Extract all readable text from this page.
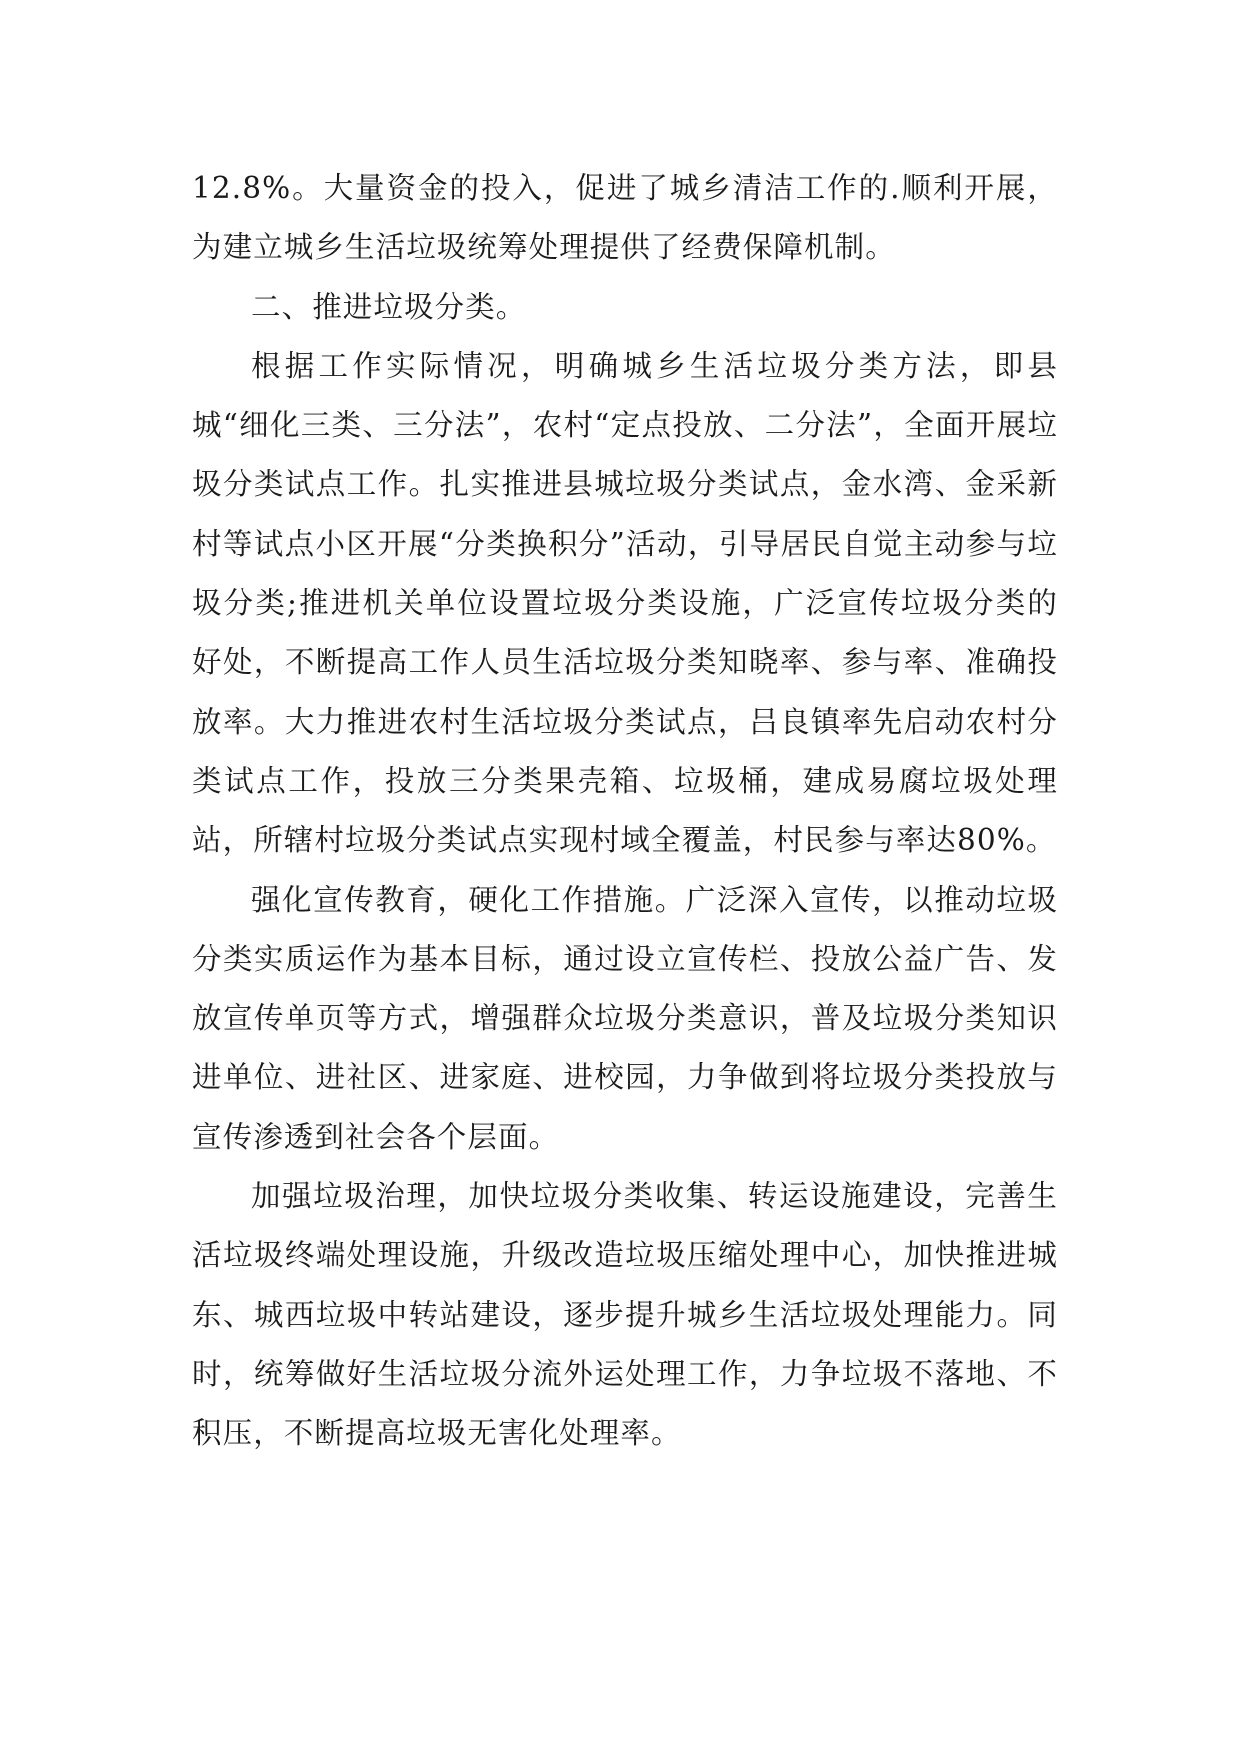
12.8%。大量资金的投入，促进了城乡清洁工作的.顺利开展，为建立城乡生活垃圾统筹处理提供了经费保障机制。

二、推进垃圾分类。

根据工作实际情况，明确城乡生活垃圾分类方法，即县城“细化三类、三分法”，农村“定点投放、二分法”，全面开展垃圾分类试点工作。扎实推进县城垃圾分类试点，金水湾、金采新村等试点小区开展“分类换积分”活动，引导居民自觉主动参与垃圾分类;推进机关单位设置垃圾分类设施，广泛宣传垃圾分类的好处，不断提高工作人员生活垃圾分类知晓率、参与率、准确投放率。大力推进农村生活垃圾分类试点，吕良镇率先启动农村分类试点工作，投放三分类果壳箱、垃圾桶，建成易腐垃圾处理站，所辖村垃圾分类试点实现村域全覆盖，村民参与率达80%。

强化宣传教育，硬化工作措施。广泛深入宣传，以推动垃圾分类实质运作为基本目标，通过设立宣传栏、投放公益广告、发放宣传单页等方式，增强群众垃圾分类意识，普及垃圾分类知识进单位、进社区、进家庭、进校园，力争做到将垃圾分类投放与宣传渗透到社会各个层面。

加强垃圾治理，加快垃圾分类收集、转运设施建设，完善生活垃圾终端处理设施，升级改造垃圾压缩处理中心，加快推进城东、城西垃圾中转站建设，逐步提升城乡生活垃圾处理能力。同时，统筹做好生活垃圾分流外运处理工作，力争垃圾不落地、不积压，不断提高垃圾无害化处理率。
